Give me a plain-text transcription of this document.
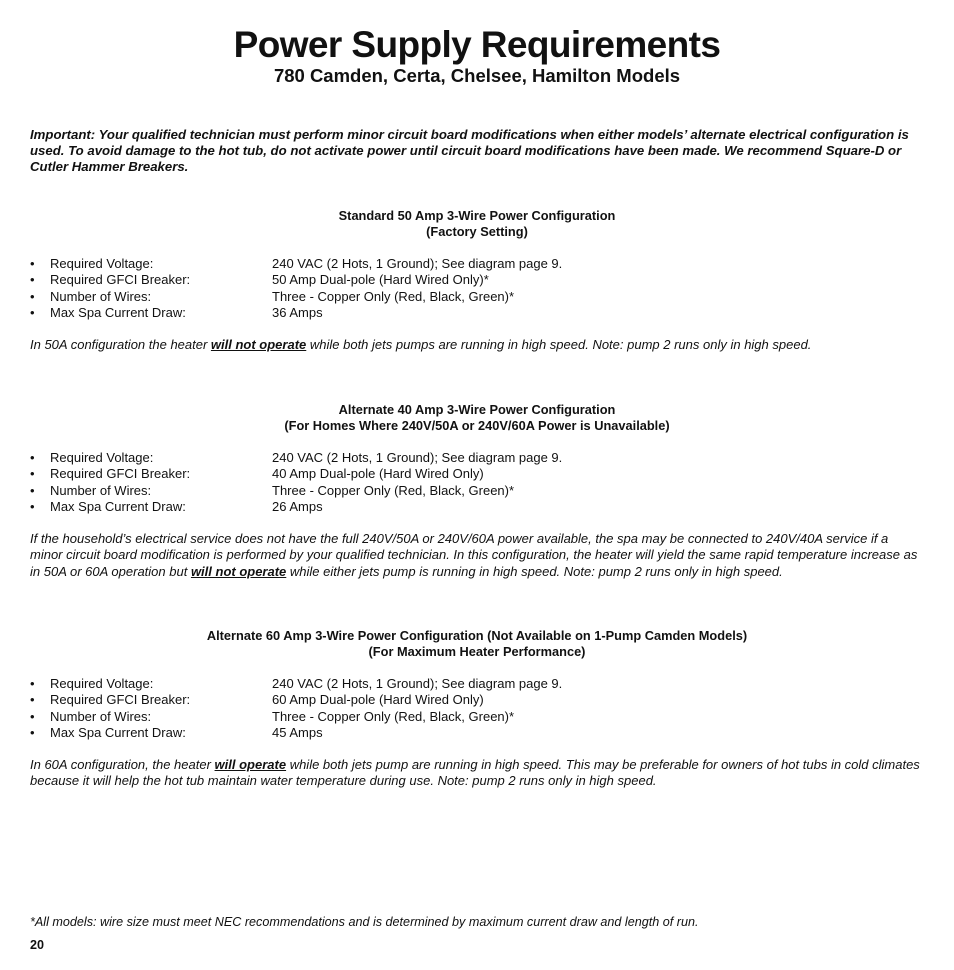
Power Supply Requirements
780 Camden, Certa, Chelsee, Hamilton Models
Important: Your qualified technician must perform minor circuit board modifications when either models’ alternate electrical configuration is used. To avoid damage to the hot tub, do not activate power until circuit board modifications have been made. We recommend Square-D or Cutler Hammer Breakers.
Standard 50 Amp 3-Wire Power Configuration
(Factory Setting)
• Required Voltage:	240 VAC (2 Hots, 1 Ground); See diagram page 9.
• Required GFCI Breaker:	50 Amp Dual-pole (Hard Wired Only)*
• Number of Wires:	Three - Copper Only (Red, Black, Green)*
• Max Spa Current Draw:	36 Amps
In 50A configuration the heater will not operate while both jets pumps are running in high speed. Note: pump 2 runs only in high speed.
Alternate 40 Amp 3-Wire Power Configuration
(For Homes Where 240V/50A or 240V/60A Power is Unavailable)
• Required Voltage:	240 VAC (2 Hots, 1 Ground); See diagram page 9.
• Required GFCI Breaker:	40 Amp Dual-pole (Hard Wired Only)
• Number of Wires:	Three - Copper Only (Red, Black, Green)*
• Max Spa Current Draw:	26 Amps
If the household’s electrical service does not have the full 240V/50A or 240V/60A power available, the spa may be connected to 240V/40A service if a minor circuit board modification is performed by your qualified technician. In this configuration, the heater will yield the same rapid temperature increase as in 50A or 60A operation but will not operate while either jets pump is running in high speed. Note: pump 2 runs only in high speed.
Alternate 60 Amp 3-Wire Power Configuration (Not Available on 1-Pump Camden Models)
(For Maximum Heater Performance)
• Required Voltage:	240 VAC (2 Hots, 1 Ground); See diagram page 9.
• Required GFCI Breaker:	60 Amp Dual-pole (Hard Wired Only)
• Number of Wires:	Three - Copper Only (Red, Black, Green)*
• Max Spa Current Draw:	45 Amps
In 60A configuration, the heater will operate while both jets pump are running in high speed. This may be preferable for owners of hot tubs in cold climates because it will help the hot tub maintain water temperature during use. Note: pump 2 runs only in high speed.
*All models: wire size must meet NEC recommendations and is determined by maximum current draw and length of run.
20
